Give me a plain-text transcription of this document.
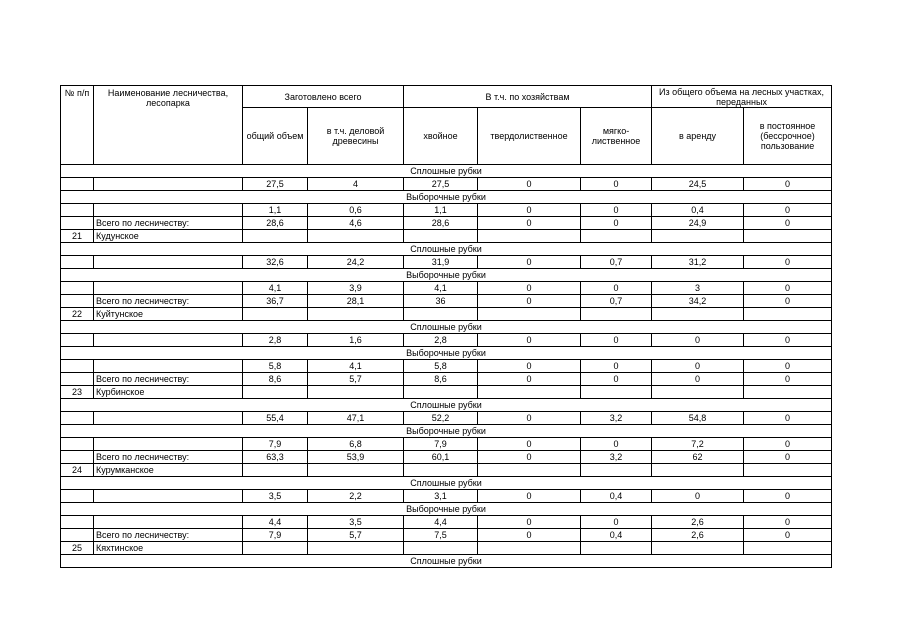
№ п/п	Наименование лесничества, лесопарка	Заготовлено всего		В т.ч. по хозяйствам			Из общего объема на лесных участках, переданных	
		общий объем	в т.ч. деловой древесины	хвойное	твердолиственное	мягко-лиственное	в аренду	в постоянное (бессрочное) пользование
Сплошные рубки								
		27,5	4	27,5	0	0	24,5	0
Выборочные рубки								
		1,1	0,6	1,1	0	0	0,4	0
	Всего по лесничеству:	28,6	4,6	28,6	0	0	24,9	0
21	Кудунское							
Сплошные рубки								
		32,6	24,2	31,9	0	0,7	31,2	0
Выборочные рубки								
		4,1	3,9	4,1	0	0	3	0
	Всего по лесничеству:	36,7	28,1	36	0	0,7	34,2	0
22	Куйтунское							
Сплошные рубки								
		2,8	1,6	2,8	0	0	0	0
Выборочные рубки								
		5,8	4,1	5,8	0	0	0	0
	Всего по лесничеству:	8,6	5,7	8,6	0	0	0	0
23	Курбинское							
Сплошные рубки								
		55,4	47,1	52,2	0	3,2	54,8	0
Выборочные рубки								
		7,9	6,8	7,9	0	0	7,2	0
	Всего по лесничеству:	63,3	53,9	60,1	0	3,2	62	0
24	Курумканское							
Сплошные рубки								
		3,5	2,2	3,1	0	0,4	0	0
Выборочные рубки								
		4,4	3,5	4,4	0	0	2,6	0
	Всего по лесничеству:	7,9	5,7	7,5	0	0,4	2,6	0
25	Кяхтинское							
Сплошные рубки								
